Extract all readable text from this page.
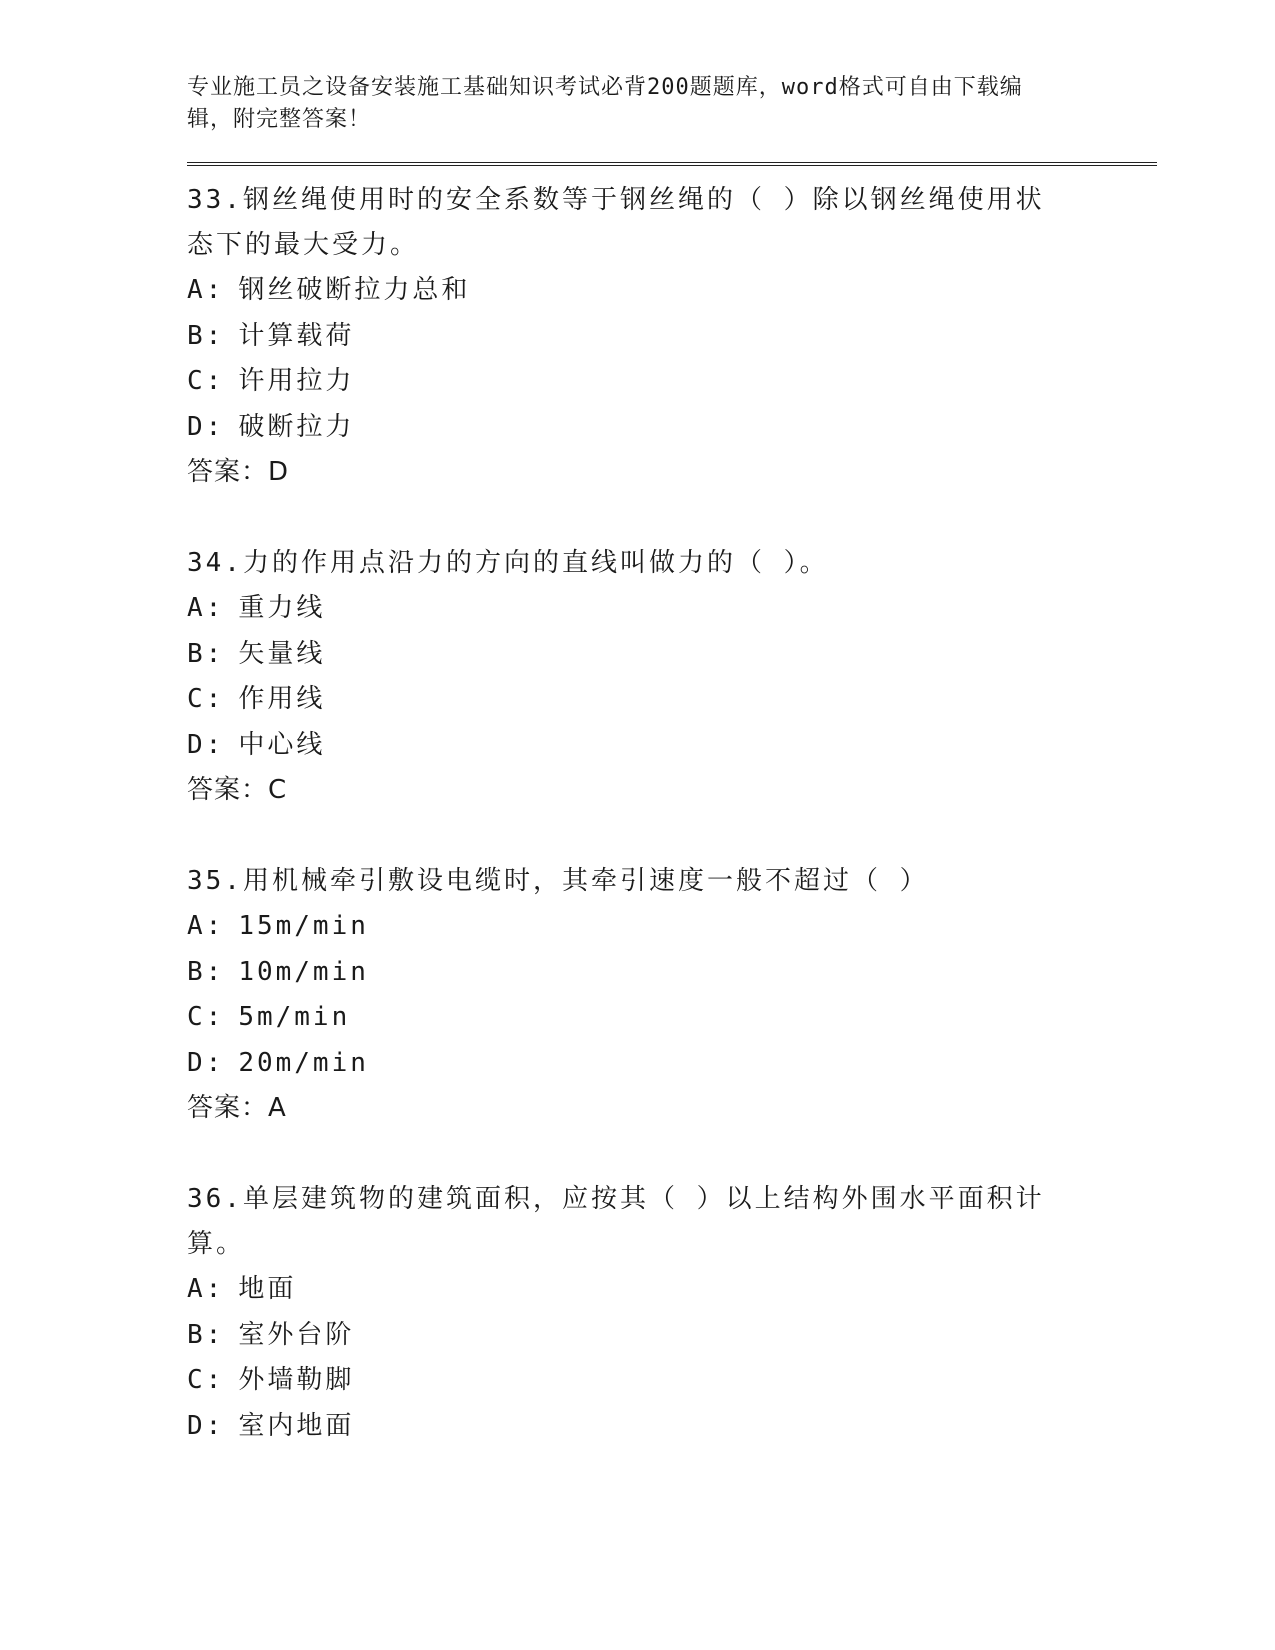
专业施工员之设备安装施工基础知识考试必背200题题库，word格式可自由下载编辑，附完整答案！

33.钢丝绳使用时的安全系数等于钢丝绳的（ ）除以钢丝绳使用状态下的最大受力。

A: 钢丝破断拉力总和
B: 计算载荷
C: 许用拉力
D: 破断拉力
答案：D

34.力的作用点沿力的方向的直线叫做力的（ ）。

A: 重力线
B: 矢量线
C: 作用线
D: 中心线
答案：C

35.用机械牵引敷设电缆时，其牵引速度一般不超过（ ）

A: 15m/min
B: 10m/min
C: 5m/min
D: 20m/min
答案：A

36.单层建筑物的建筑面积，应按其（ ）以上结构外围水平面积计算。

A: 地面
B: 室外台阶
C: 外墙勒脚
D: 室内地面
